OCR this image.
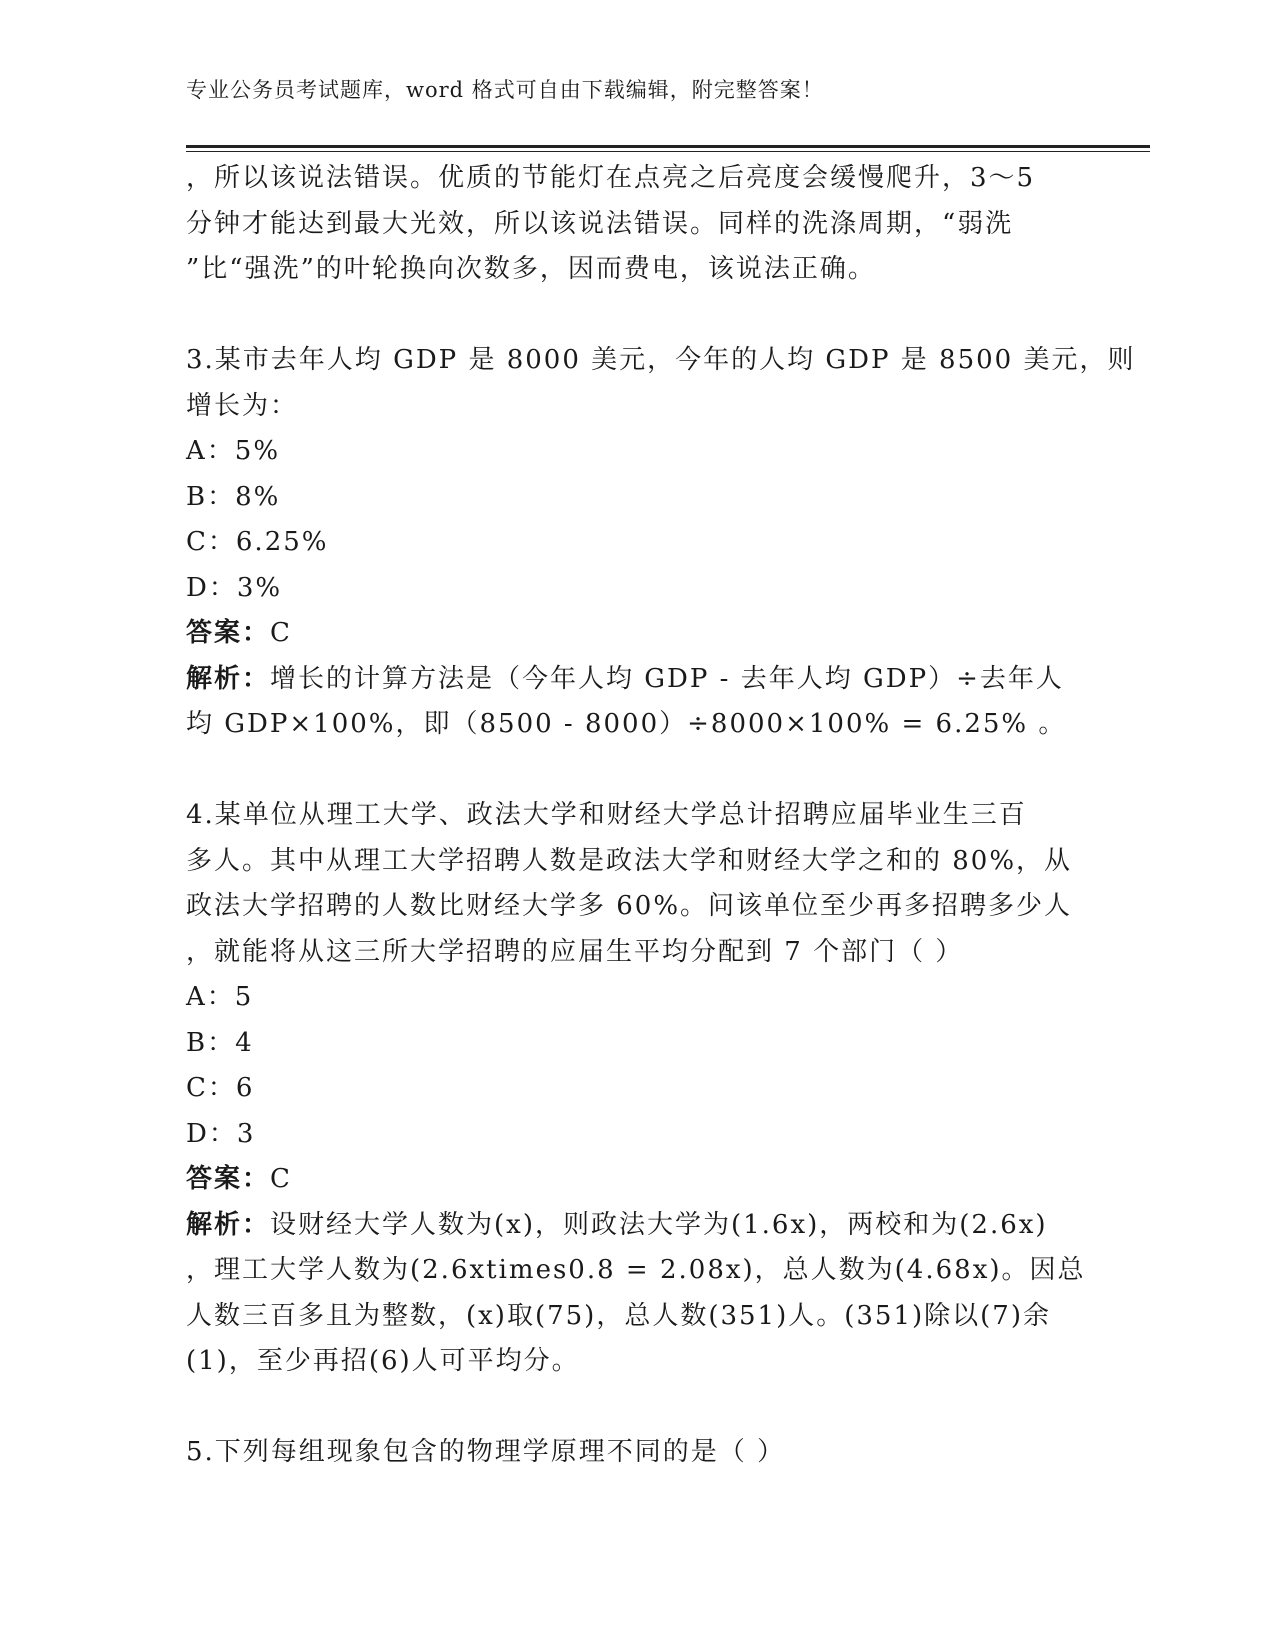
专业公务员考试题库，word 格式可自由下载编辑，附完整答案！
，所以该说法错误。优质的节能灯在点亮之后亮度会缓慢爬升，3～5
分钟才能达到最大光效，所以该说法错误。同样的洗涤周期，“弱洗
”比“强洗”的叶轮换向次数多，因而费电，该说法正确。
3.某市去年人均 GDP 是 8000 美元，今年的人均 GDP 是 8500 美元，则
增长为：
A：5%
B：8%
C：6.25%
D：3%
答案：C
解析：增长的计算方法是（今年人均 GDP - 去年人均 GDP）÷去年人
均 GDP×100%，即（8500 - 8000）÷8000×100% = 6.25% 。
4.某单位从理工大学、政法大学和财经大学总计招聘应届毕业生三百
多人。其中从理工大学招聘人数是政法大学和财经大学之和的 80%，从
政法大学招聘的人数比财经大学多 60%。问该单位至少再多招聘多少人
，就能将从这三所大学招聘的应届生平均分配到 7 个部门（ ）
A：5
B：4
C：6
D：3
答案：C
解析：设财经大学人数为(x)，则政法大学为(1.6x)，两校和为(2.6x)
，理工大学人数为(2.6xtimes0.8 = 2.08x)，总人数为(4.68x)。因总
人数三百多且为整数，(x)取(75)，总人数(351)人。(351)除以(7)余
(1)，至少再招(6)人可平均分。
5.下列每组现象包含的物理学原理不同的是（ ）
